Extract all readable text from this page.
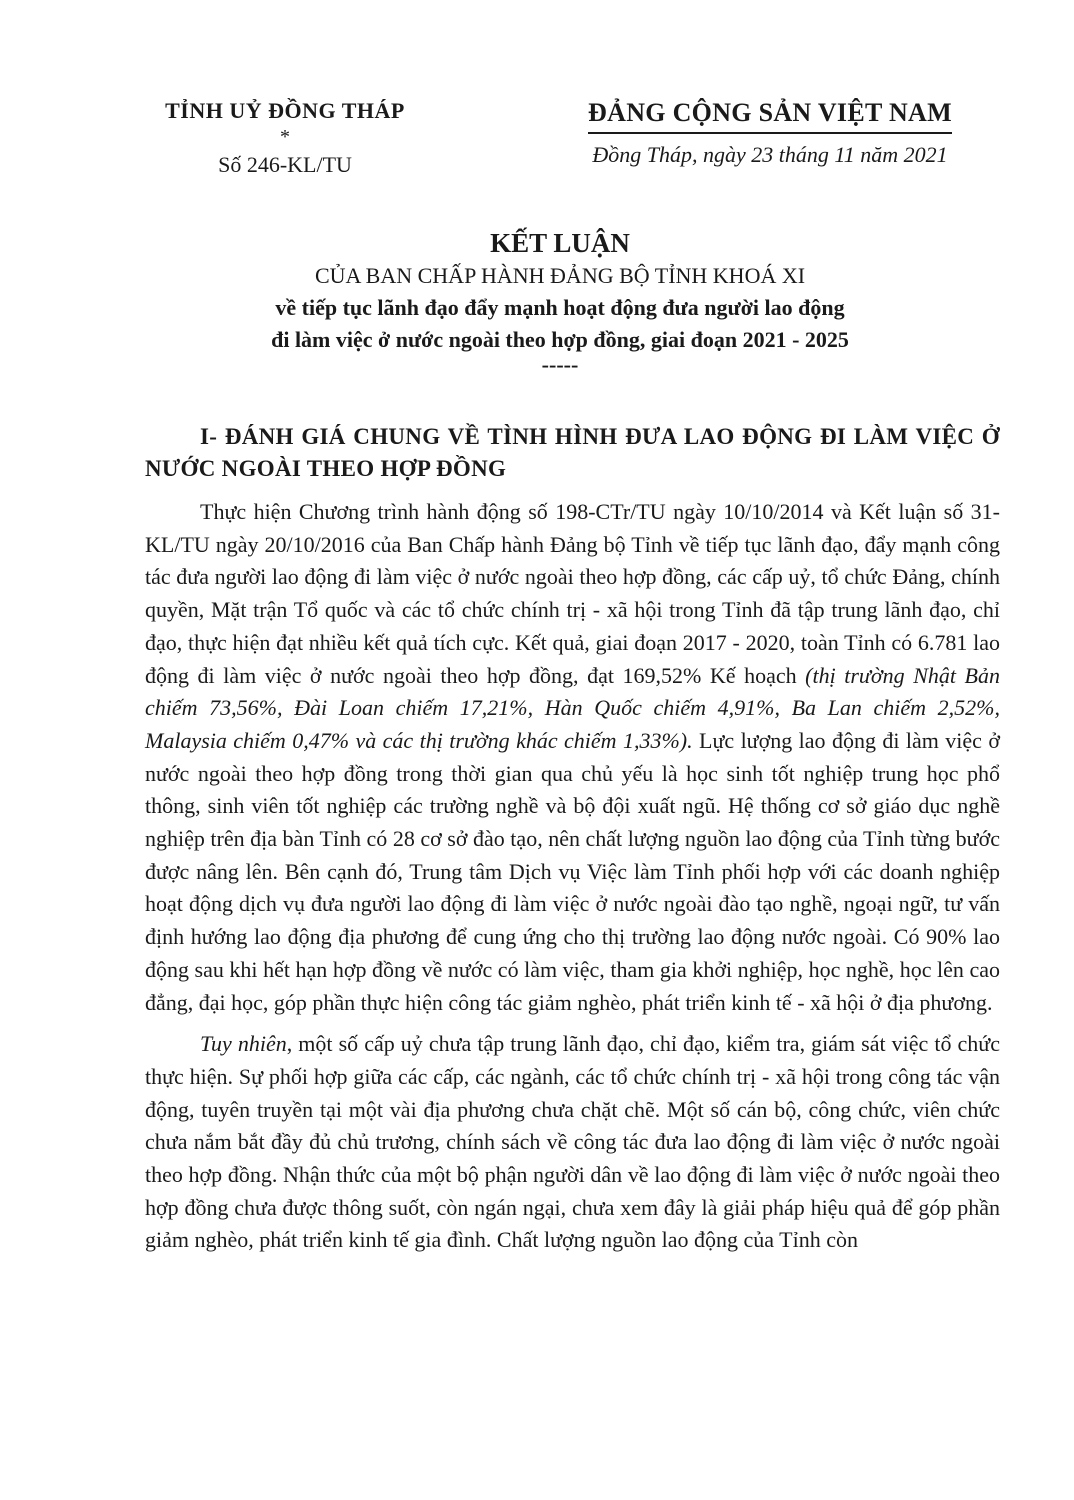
TỈNH UỶ ĐỒNG THÁP
*
Số 246-KL/TU
ĐẢNG CỘNG SẢN VIỆT NAM
Đồng Tháp, ngày 23 tháng 11 năm 2021
KẾT LUẬN
CỦA BAN CHẤP HÀNH ĐẢNG BỘ TỈNH KHOÁ XI
về tiếp tục lãnh đạo đẩy mạnh hoạt động đưa người lao động
đi làm việc ở nước ngoài theo hợp đồng, giai đoạn 2021 - 2025
-----
I- ĐÁNH GIÁ CHUNG VỀ TÌNH HÌNH ĐƯA LAO ĐỘNG ĐI LÀM VIỆC Ở NƯỚC NGOÀI THEO HỢP ĐỒNG

Thực hiện Chương trình hành động số 198-CTr/TU ngày 10/10/2014 và Kết luận số 31-KL/TU ngày 20/10/2016 của Ban Chấp hành Đảng bộ Tỉnh về tiếp tục lãnh đạo, đẩy mạnh công tác đưa người lao động đi làm việc ở nước ngoài theo hợp đồng, các cấp uỷ, tổ chức Đảng, chính quyền, Mặt trận Tổ quốc và các tổ chức chính trị - xã hội trong Tỉnh đã tập trung lãnh đạo, chỉ đạo, thực hiện đạt nhiều kết quả tích cực. Kết quả, giai đoạn 2017 - 2020, toàn Tỉnh có 6.781 lao động đi làm việc ở nước ngoài theo hợp đồng, đạt 169,52% Kế hoạch (thị trường Nhật Bản chiếm 73,56%, Đài Loan chiếm 17,21%, Hàn Quốc chiếm 4,91%, Ba Lan chiếm 2,52%, Malaysia chiếm 0,47% và các thị trường khác chiếm 1,33%). Lực lượng lao động đi làm việc ở nước ngoài theo hợp đồng trong thời gian qua chủ yếu là học sinh tốt nghiệp trung học phổ thông, sinh viên tốt nghiệp các trường nghề và bộ đội xuất ngũ. Hệ thống cơ sở giáo dục nghề nghiệp trên địa bàn Tỉnh có 28 cơ sở đào tạo, nên chất lượng nguồn lao động của Tỉnh từng bước được nâng lên. Bên cạnh đó, Trung tâm Dịch vụ Việc làm Tỉnh phối hợp với các doanh nghiệp hoạt động dịch vụ đưa người lao động đi làm việc ở nước ngoài đào tạo nghề, ngoại ngữ, tư vấn định hướng lao động địa phương để cung ứng cho thị trường lao động nước ngoài. Có 90% lao động sau khi hết hạn hợp đồng về nước có làm việc, tham gia khởi nghiệp, học nghề, học lên cao đẳng, đại học, góp phần thực hiện công tác giảm nghèo, phát triển kinh tế - xã hội ở địa phương.

Tuy nhiên, một số cấp uỷ chưa tập trung lãnh đạo, chỉ đạo, kiểm tra, giám sát việc tổ chức thực hiện. Sự phối hợp giữa các cấp, các ngành, các tổ chức chính trị - xã hội trong công tác vận động, tuyên truyền tại một vài địa phương chưa chặt chẽ. Một số cán bộ, công chức, viên chức chưa nắm bắt đầy đủ chủ trương, chính sách về công tác đưa lao động đi làm việc ở nước ngoài theo hợp đồng. Nhận thức của một bộ phận người dân về lao động đi làm việc ở nước ngoài theo hợp đồng chưa được thông suốt, còn ngán ngại, chưa xem đây là giải pháp hiệu quả để góp phần giảm nghèo, phát triển kinh tế gia đình. Chất lượng nguồn lao động của Tỉnh còn
